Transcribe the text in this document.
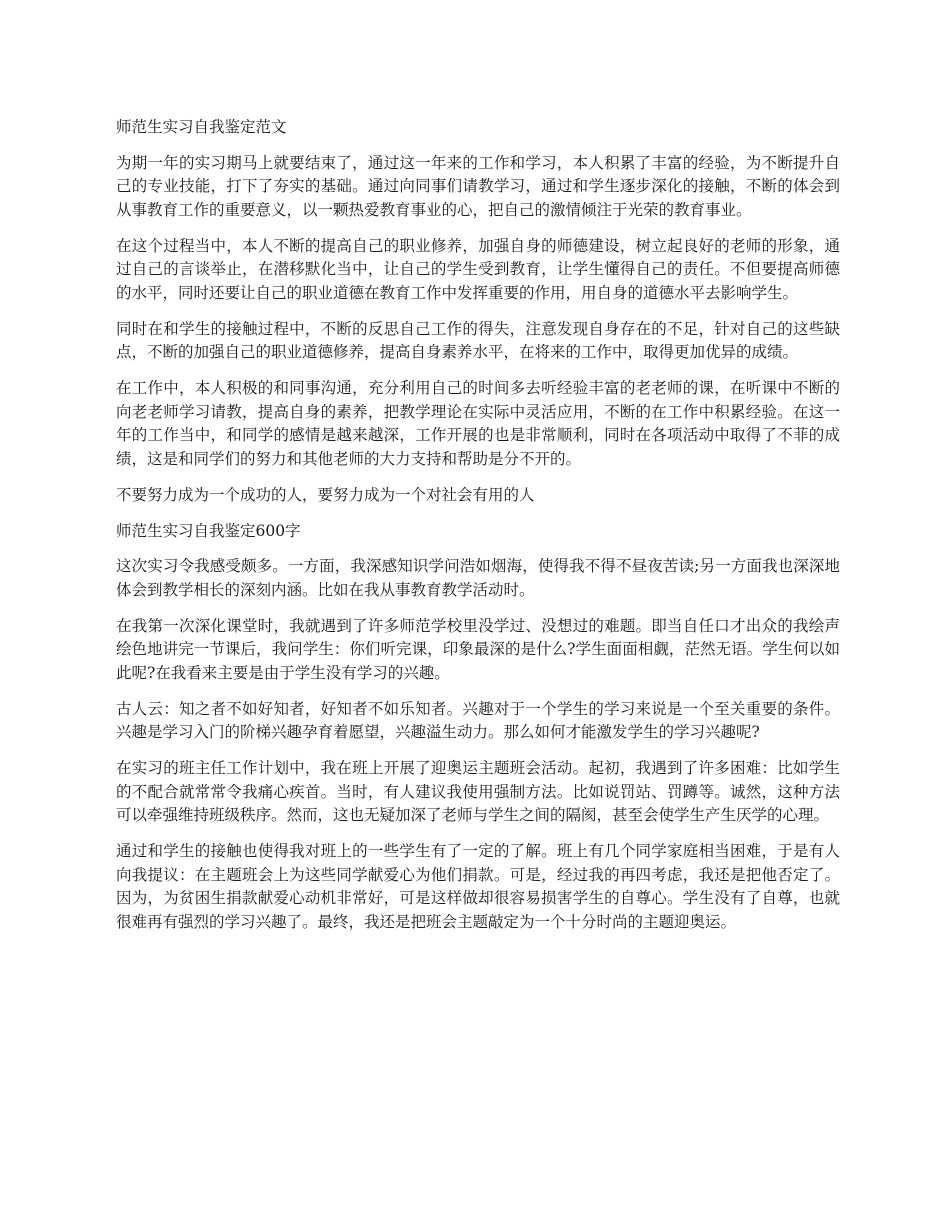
师范生实习自我鉴定范文

为期一年的实习期马上就要结束了，通过这一年来的工作和学习，本人积累了丰富的经验，为不断提升自己的专业技能，打下了夯实的基础。通过向同事们请教学习，通过和学生逐步深化的接触，不断的体会到从事教育工作的重要意义，以一颗热爱教育事业的心，把自己的激情倾注于光荣的教育事业。

在这个过程当中，本人不断的提高自己的职业修养，加强自身的师德建设，树立起良好的老师的形象，通过自己的言谈举止，在潜移默化当中，让自己的学生受到教育，让学生懂得自己的责任。不但要提高师德的水平，同时还要让自己的职业道德在教育工作中发挥重要的作用，用自身的道德水平去影响学生。

同时在和学生的接触过程中，不断的反思自己工作的得失，注意发现自身存在的不足，针对自己的这些缺点，不断的加强自己的职业道德修养，提高自身素养水平，在将来的工作中，取得更加优异的成绩。

在工作中，本人积极的和同事沟通，充分利用自己的时间多去听经验丰富的老老师的课，在听课中不断的向老老师学习请教，提高自身的素养，把教学理论在实际中灵活应用，不断的在工作中积累经验。在这一年的工作当中，和同学的感情是越来越深，工作开展的也是非常顺利，同时在各项活动中取得了不菲的成绩，这是和同学们的努力和其他老师的大力支持和帮助是分不开的。

不要努力成为一个成功的人，要努力成为一个对社会有用的人

师范生实习自我鉴定600字

这次实习令我感受颇多。一方面，我深感知识学问浩如烟海，使得我不得不昼夜苦读;另一方面我也深深地体会到教学相长的深刻内涵。比如在我从事教育教学活动时。

在我第一次深化课堂时，我就遇到了许多师范学校里没学过、没想过的难题。即当自任口才出众的我绘声绘色地讲完一节课后，我问学生：你们听完课，印象最深的是什么?学生面面相觑，茫然无语。学生何以如此呢?在我看来主要是由于学生没有学习的兴趣。

古人云：知之者不如好知者，好知者不如乐知者。兴趣对于一个学生的学习来说是一个至关重要的条件。兴趣是学习入门的阶梯兴趣孕育着愿望，兴趣溢生动力。那么如何才能激发学生的学习兴趣呢?

在实习的班主任工作计划中，我在班上开展了迎奥运主题班会活动。起初，我遇到了许多困难：比如学生的不配合就常常令我痛心疾首。当时，有人建议我使用强制方法。比如说罚站、罚蹲等。诚然，这种方法可以牵强维持班级秩序。然而，这也无疑加深了老师与学生之间的隔阂，甚至会使学生产生厌学的心理。

通过和学生的接触也使得我对班上的一些学生有了一定的了解。班上有几个同学家庭相当困难，于是有人向我提议：在主题班会上为这些同学献爱心为他们捐款。可是，经过我的再四考虑，我还是把他否定了。因为，为贫困生捐款献爱心动机非常好，可是这样做却很容易损害学生的自尊心。学生没有了自尊，也就很难再有强烈的学习兴趣了。最终，我还是把班会主题敲定为一个十分时尚的主题迎奥运。
